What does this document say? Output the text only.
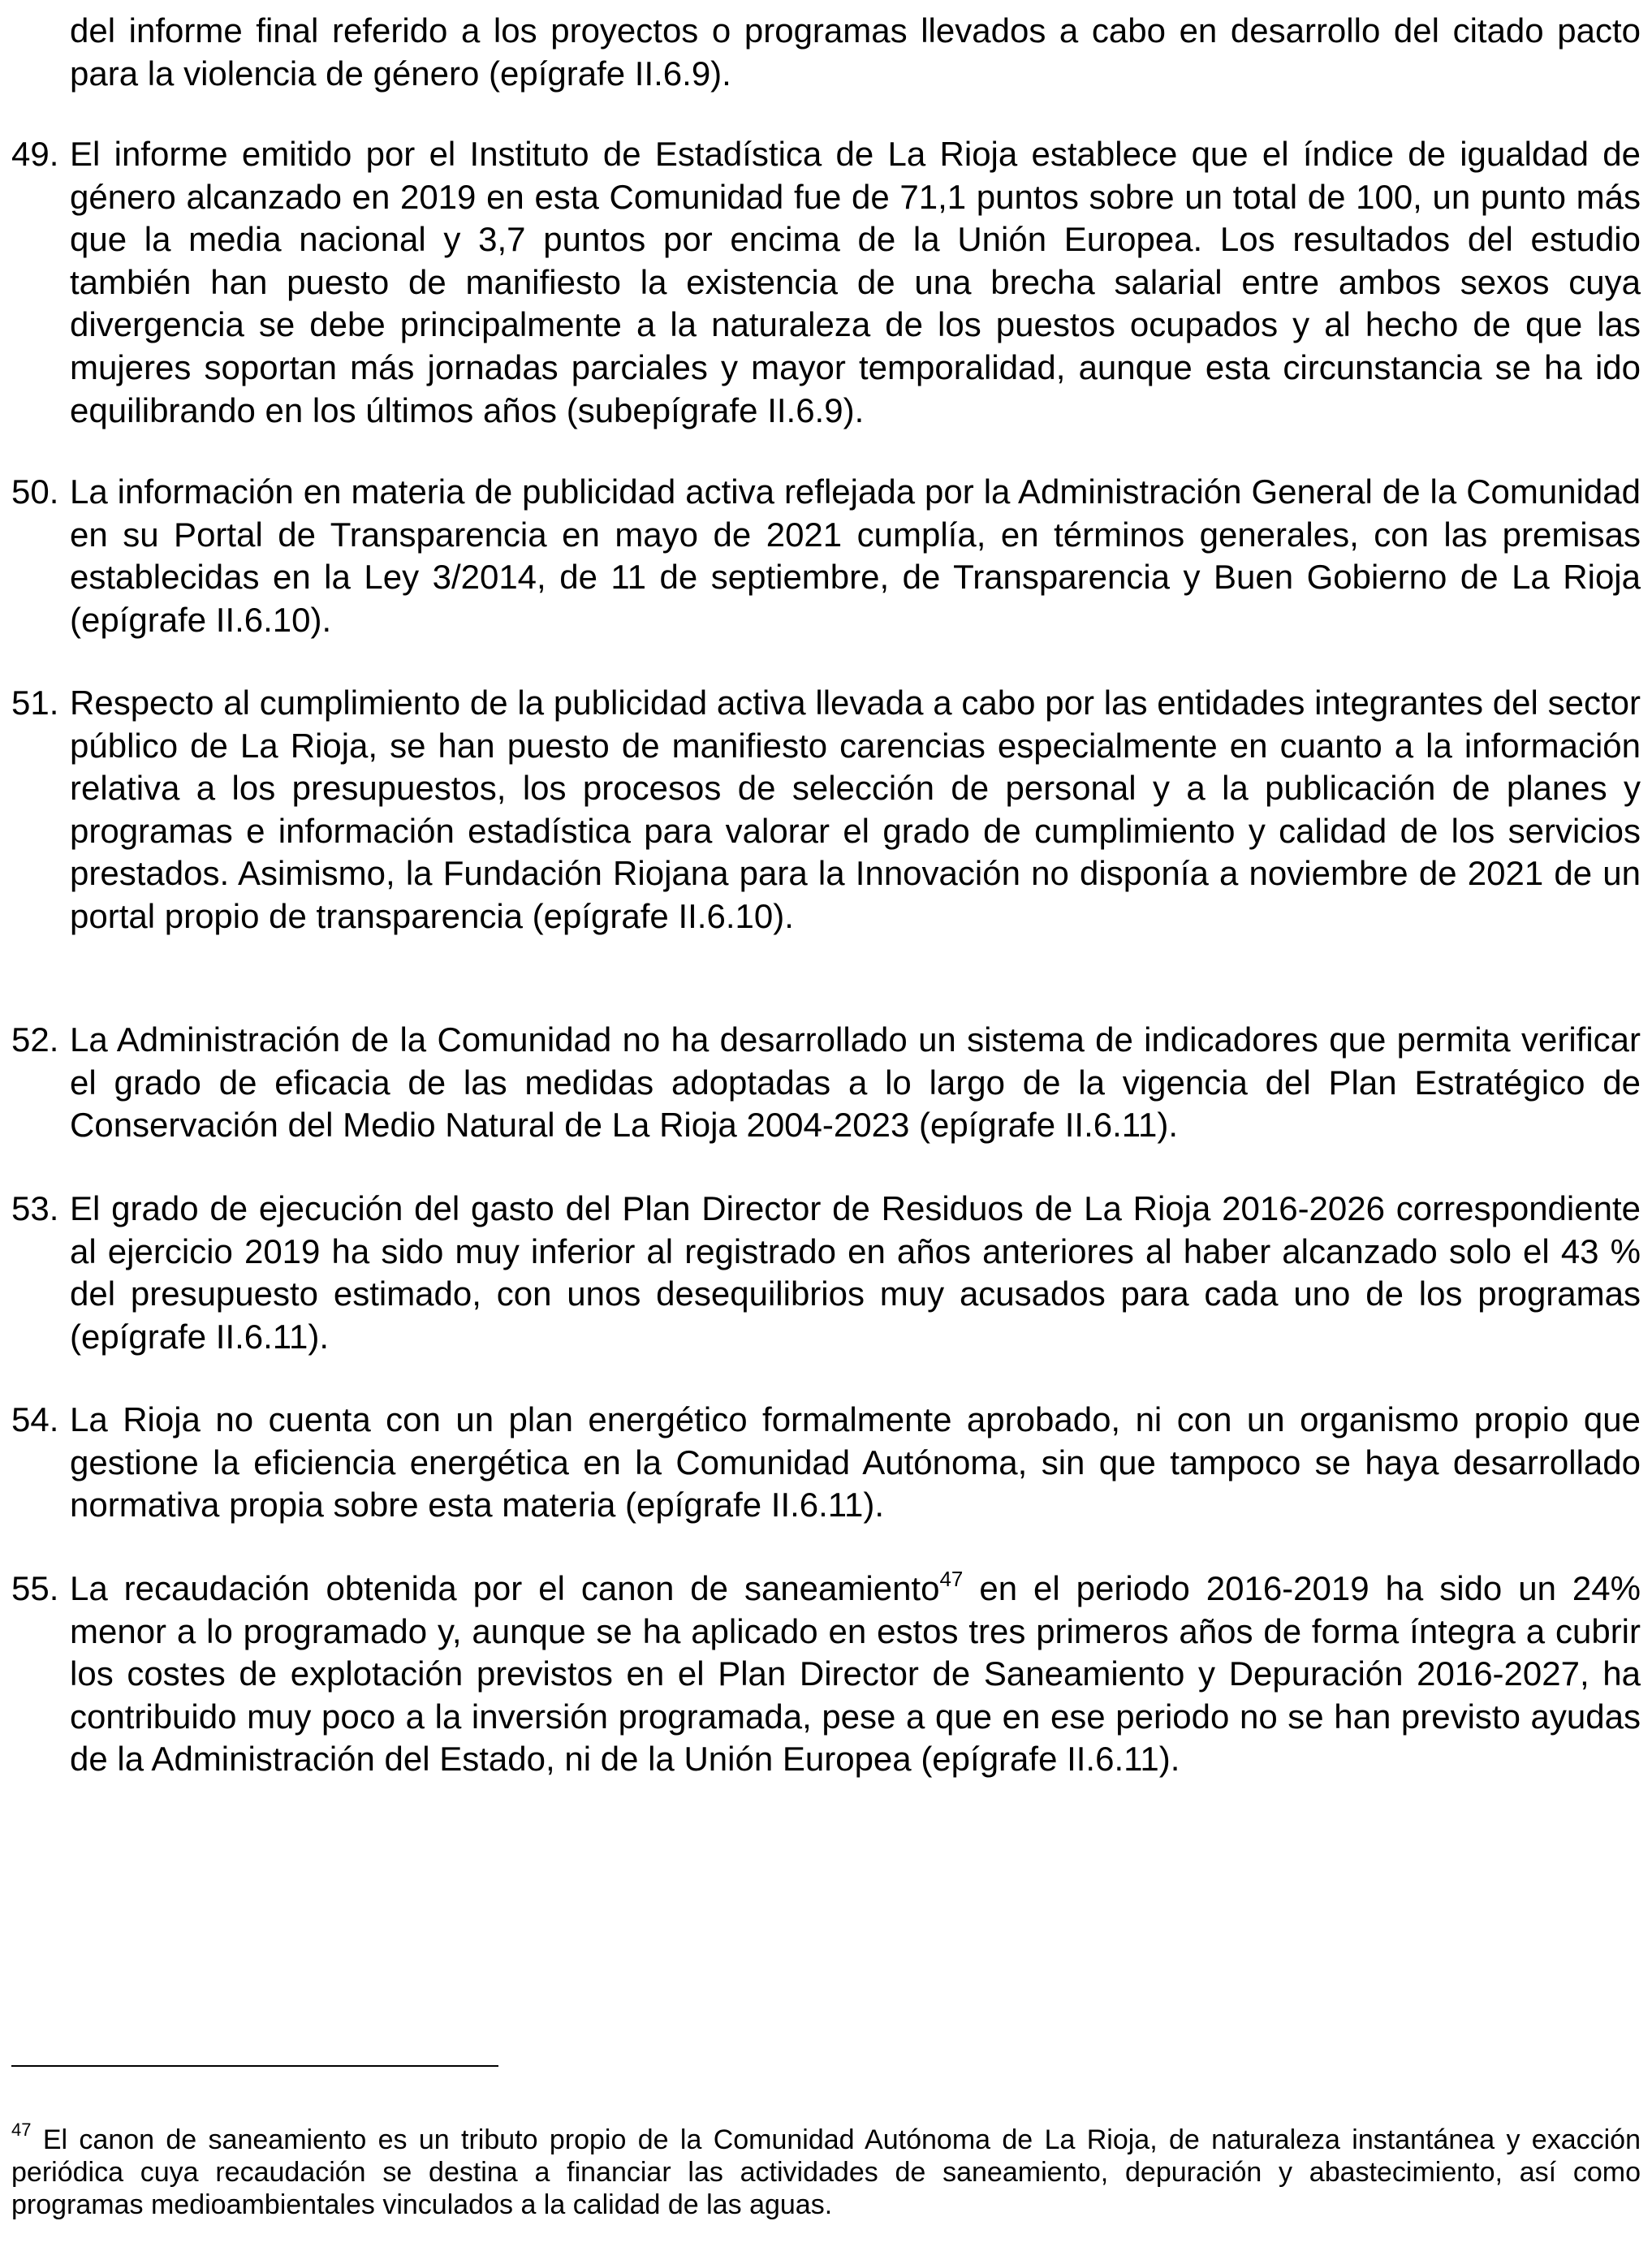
del informe final referido a los proyectos o programas llevados a cabo en desarrollo del citado pacto para la violencia de género (epígrafe II.6.9).

49. El informe emitido por el Instituto de Estadística de La Rioja establece que el índice de igualdad de género alcanzado en 2019 en esta Comunidad fue de 71,1 puntos sobre un total de 100, un punto más que la media nacional y 3,7 puntos por encima de la Unión Europea. Los resultados del estudio también han puesto de manifiesto la existencia de una brecha salarial entre ambos sexos cuya divergencia se debe principalmente a la naturaleza de los puestos ocupados y al hecho de que las mujeres soportan más jornadas parciales y mayor temporalidad, aunque esta circunstancia se ha ido equilibrando en los últimos años (subepígrafe II.6.9).

50. La información en materia de publicidad activa reflejada por la Administración General de la Comunidad en su Portal de Transparencia en mayo de 2021 cumplía, en términos generales, con las premisas establecidas en la Ley 3/2014, de 11 de septiembre, de Transparencia y Buen Gobierno de La Rioja (epígrafe II.6.10).

51. Respecto al cumplimiento de la publicidad activa llevada a cabo por las entidades integrantes del sector público de La Rioja, se han puesto de manifiesto carencias especialmente en cuanto a la información relativa a los presupuestos, los procesos de selección de personal y a la publicación de planes y programas e información estadística para valorar el grado de cumplimiento y calidad de los servicios prestados. Asimismo, la Fundación Riojana para la Innovación no disponía a noviembre de 2021 de un portal propio de transparencia (epígrafe II.6.10).

52. La Administración de la Comunidad no ha desarrollado un sistema de indicadores que permita verificar el grado de eficacia de las medidas adoptadas a lo largo de la vigencia del Plan Estratégico de Conservación del Medio Natural de La Rioja 2004-2023 (epígrafe II.6.11).

53. El grado de ejecución del gasto del Plan Director de Residuos de La Rioja 2016-2026 correspondiente al ejercicio 2019 ha sido muy inferior al registrado en años anteriores al haber alcanzado solo el 43 % del presupuesto estimado, con unos desequilibrios muy acusados para cada uno de los programas (epígrafe II.6.11).

54. La Rioja no cuenta con un plan energético formalmente aprobado, ni con un organismo propio que gestione la eficiencia energética en la Comunidad Autónoma, sin que tampoco se haya desarrollado normativa propia sobre esta materia (epígrafe II.6.11).

55. La recaudación obtenida por el canon de saneamiento$^{47}$ en el periodo 2016-2019 ha sido un 24% menor a lo programado y, aunque se ha aplicado en estos tres primeros años de forma íntegra a cubrir los costes de explotación previstos en el Plan Director de Saneamiento y Depuración 2016-2027, ha contribuido muy poco a la inversión programada, pese a que en ese periodo no se han previsto ayudas de la Administración del Estado, ni de la Unión Europea (epígrafe II.6.11).

$^{47}$ El canon de saneamiento es un tributo propio de la Comunidad Autónoma de La Rioja, de naturaleza instantánea y exacción periódica cuya recaudación se destina a financiar las actividades de saneamiento, depuración y abastecimiento, así como programas medioambientales vinculados a la calidad de las aguas.
